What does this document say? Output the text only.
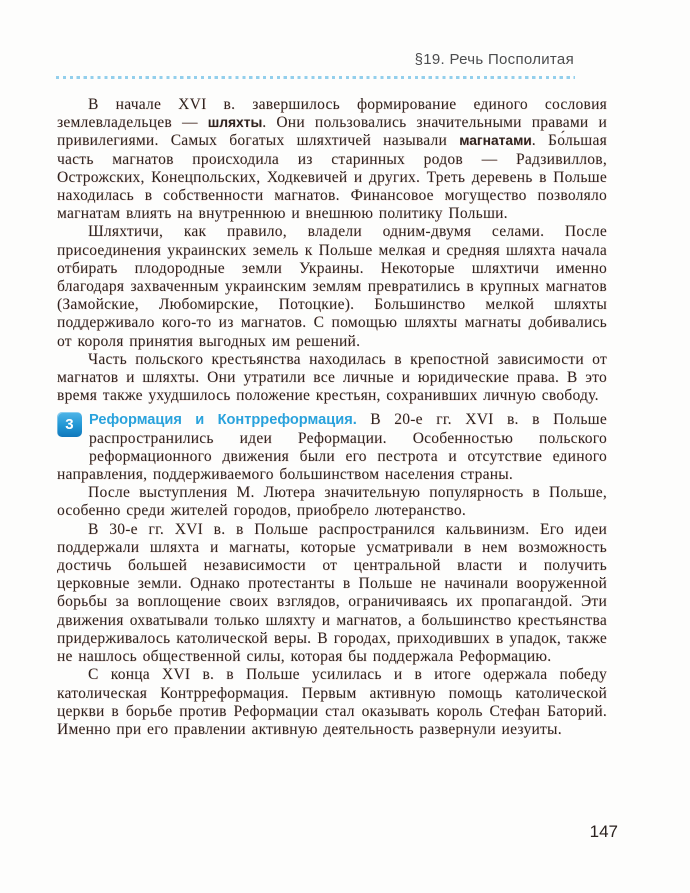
§19. Речь Посполитая

В начале XVI в. завершилось формирование единого сословия землевладельцев — шляхты. Они пользовались значительными правами и привилегиями. Самых богатых шляхтичей называли магнатами. Бо́льшая часть магнатов происходила из старинных родов — Радзивиллов, Острожских, Конецпольских, Ходкевичей и других. Треть деревень в Польше находилась в собственности магнатов. Финансовое могущество позволяло магнатам влиять на внутреннюю и внешнюю политику Польши.

Шляхтичи, как правило, владели одним-двумя селами. После присоединения украинских земель к Польше мелкая и средняя шляхта начала отбирать плодородные земли Украины. Некоторые шляхтичи именно благодаря захваченным украинским землям превратились в крупных магнатов (Замойские, Любомирские, Потоцкие). Большинство мелкой шляхты поддерживало кого-то из магнатов. С помощью шляхты магнаты добивались от короля принятия выгодных им решений.

Часть польского крестьянства находилась в крепостной зависимости от магнатов и шляхты. Они утратили все личные и юридические права. В это время также ухудшилось положение крестьян, сохранивших личную свободу.

3	Реформация и Контрреформация. В 20-е гг. XVI в. в Польше распространились идеи Реформации. Особенностью польского реформационного движения были его пестрота и отсутствие единого направления, поддерживаемого большинством населения страны.

После выступления М. Лютера значительную популярность в Польше, особенно среди жителей городов, приобрело лютеранство.

В 30-е гг. XVI в. в Польше распространился кальвинизм. Его идеи поддержали шляхта и магнаты, которые усматривали в нем возможность достичь большей независимости от центральной власти и получить церковные земли. Однако протестанты в Польше не начинали вооруженной борьбы за воплощение своих взглядов, ограничиваясь их пропагандой. Эти движения охватывали только шляхту и магнатов, а большинство крестьянства придерживалось католической веры. В городах, приходивших в упадок, также не нашлось общественной силы, которая бы поддержала Реформацию.

С конца XVI в. в Польше усилилась и в итоге одержала победу католическая Контрреформация. Первым активную помощь католической церкви в борьбе против Реформации стал оказывать король Стефан Баторий. Именно при его правлении активную деятельность развернули иезуиты.

147
